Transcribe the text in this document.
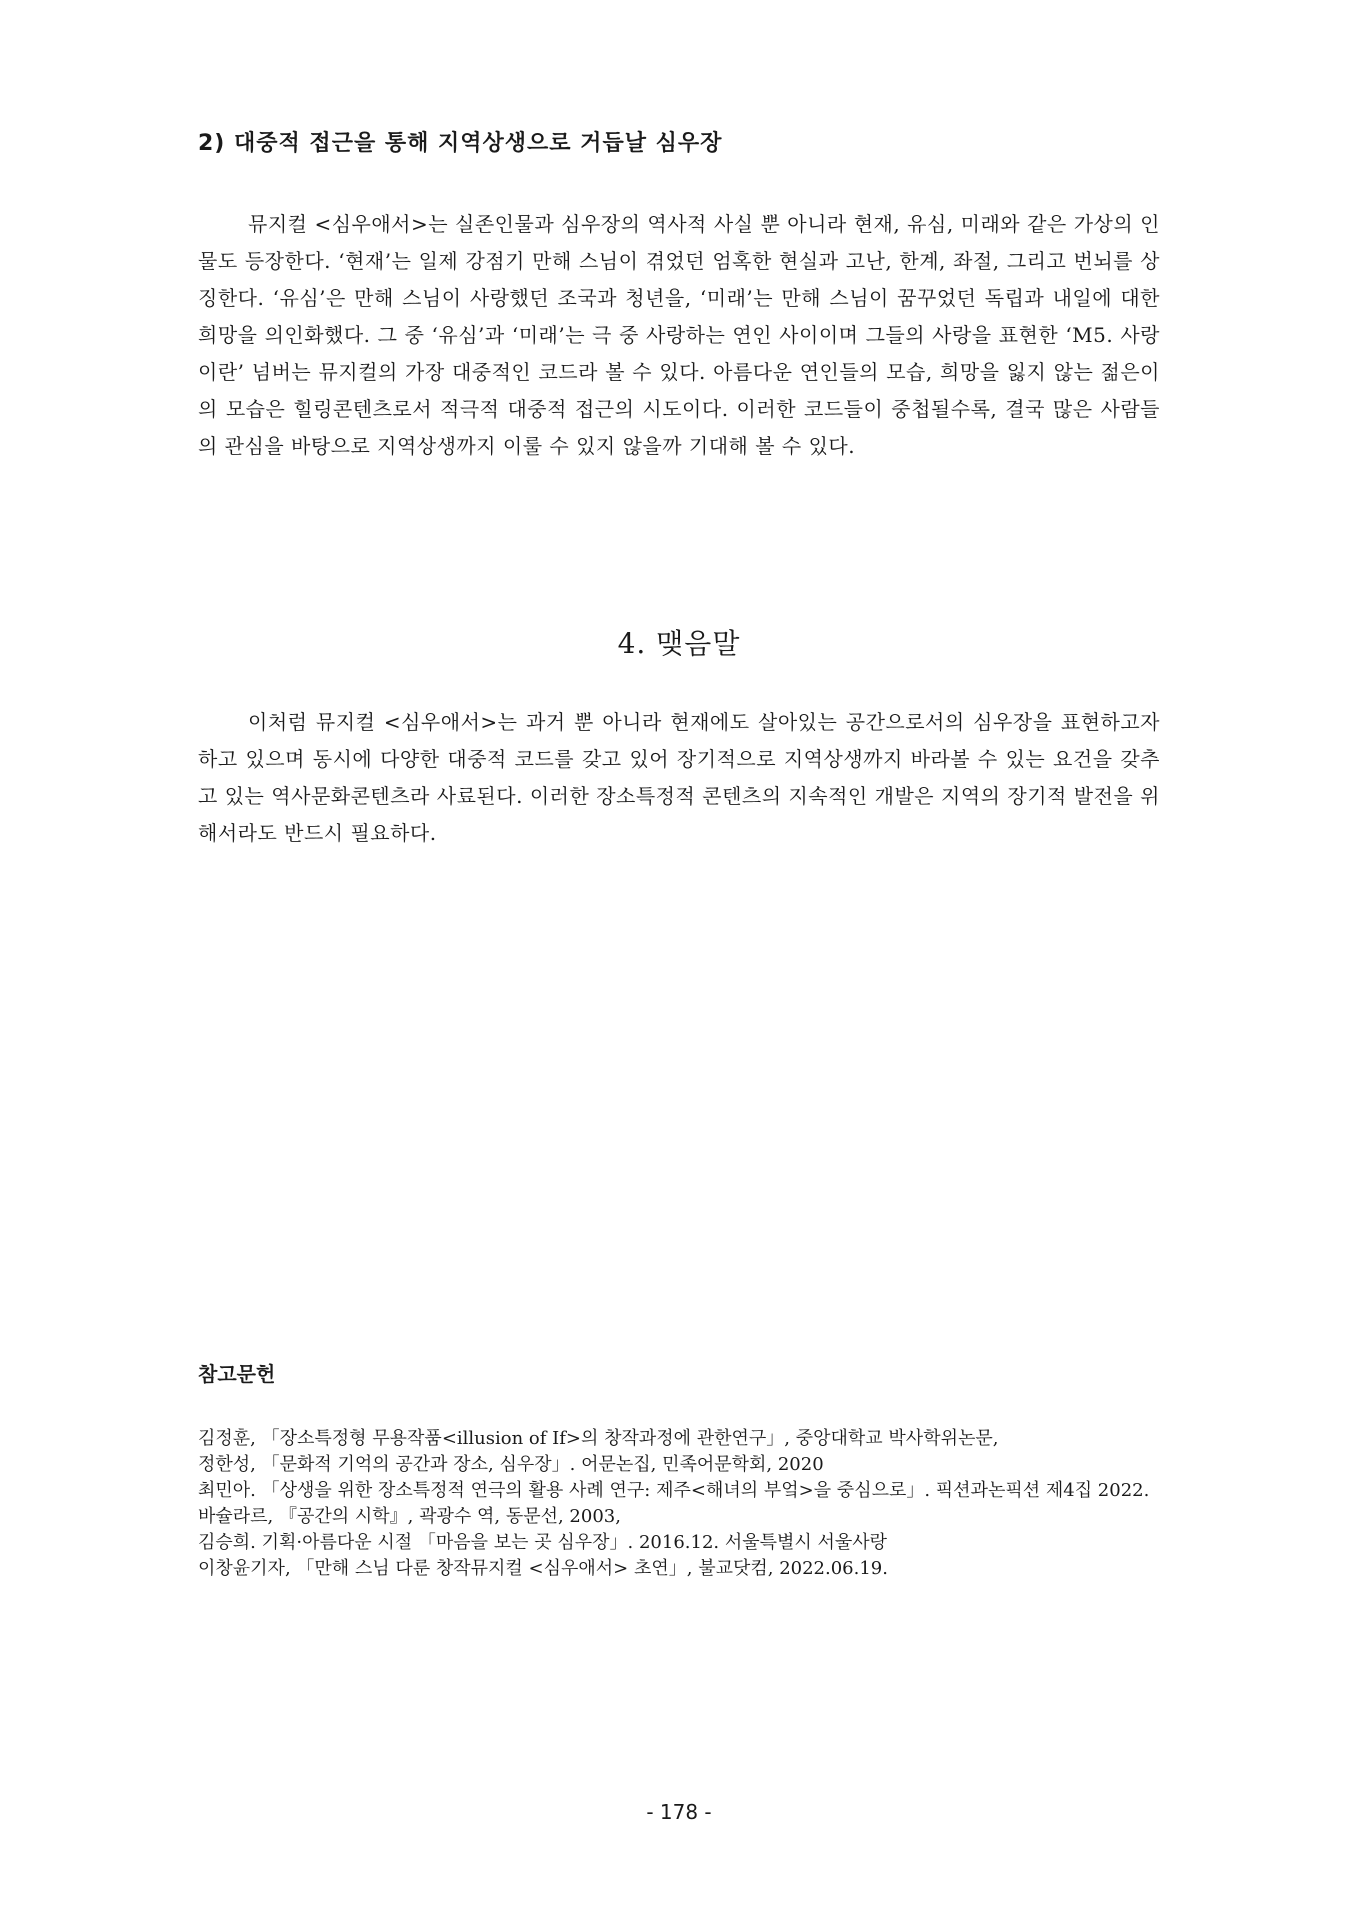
2) 대중적 접근을 통해 지역상생으로 거듭날 심우장

뮤지컬 <심우애서>는 실존인물과 심우장의 역사적 사실 뿐 아니라 현재, 유심, 미래와 같은 가상의 인물도 등장한다. ‘현재’는 일제 강점기 만해 스님이 겪었던 엄혹한 현실과 고난, 한계, 좌절, 그리고 번뇌를 상징한다. ‘유심’은 만해 스님이 사랑했던 조국과 청년을, ‘미래’는 만해 스님이 꿈꾸었던 독립과 내일에 대한 희망을 의인화했다. 그 중 ‘유심’과 ‘미래’는 극 중 사랑하는 연인 사이이며 그들의 사랑을 표현한 ‘M5. 사랑이란’ 넘버는 뮤지컬의 가장 대중적인 코드라 볼 수 있다. 아름다운 연인들의 모습, 희망을 잃지 않는 젊은이의 모습은 힐링콘텐츠로서 적극적 대중적 접근의 시도이다. 이러한 코드들이 중첩될수록, 결국 많은 사람들의 관심을 바탕으로 지역상생까지 이룰 수 있지 않을까 기대해 볼 수 있다.

4. 맺음말

이처럼 뮤지컬 <심우애서>는 과거 뿐 아니라 현재에도 살아있는 공간으로서의 심우장을 표현하고자 하고 있으며 동시에 다양한 대중적 코드를 갖고 있어 장기적으로 지역상생까지 바라볼 수 있는 요건을 갖추고 있는 역사문화콘텐츠라 사료된다. 이러한 장소특정적 콘텐츠의 지속적인 개발은 지역의 장기적 발전을 위해서라도 반드시 필요하다.

참고문헌
김정훈, 「장소특정형 무용작품<illusion of If>의 창작과정에 관한연구」, 중앙대학교 박사학위논문,
정한성, 「문화적 기억의 공간과 장소, 심우장」. 어문논집, 민족어문학회, 2020
최민아. 「상생을 위한 장소특정적 연극의 활용 사례 연구: 제주<해녀의 부엌>을 중심으로」. 픽션과논픽션 제4집 2022.
바슐라르, 『공간의 시학』, 곽광수 역, 동문선, 2003,
김승희. 기획·아름다운 시절 「마음을 보는 곳 심우장」. 2016.12. 서울특별시 서울사랑
이창윤기자, 「만해 스님 다룬 창작뮤지컬 <심우애서> 초연」, 불교닷컴, 2022.06.19.
- 178 -
